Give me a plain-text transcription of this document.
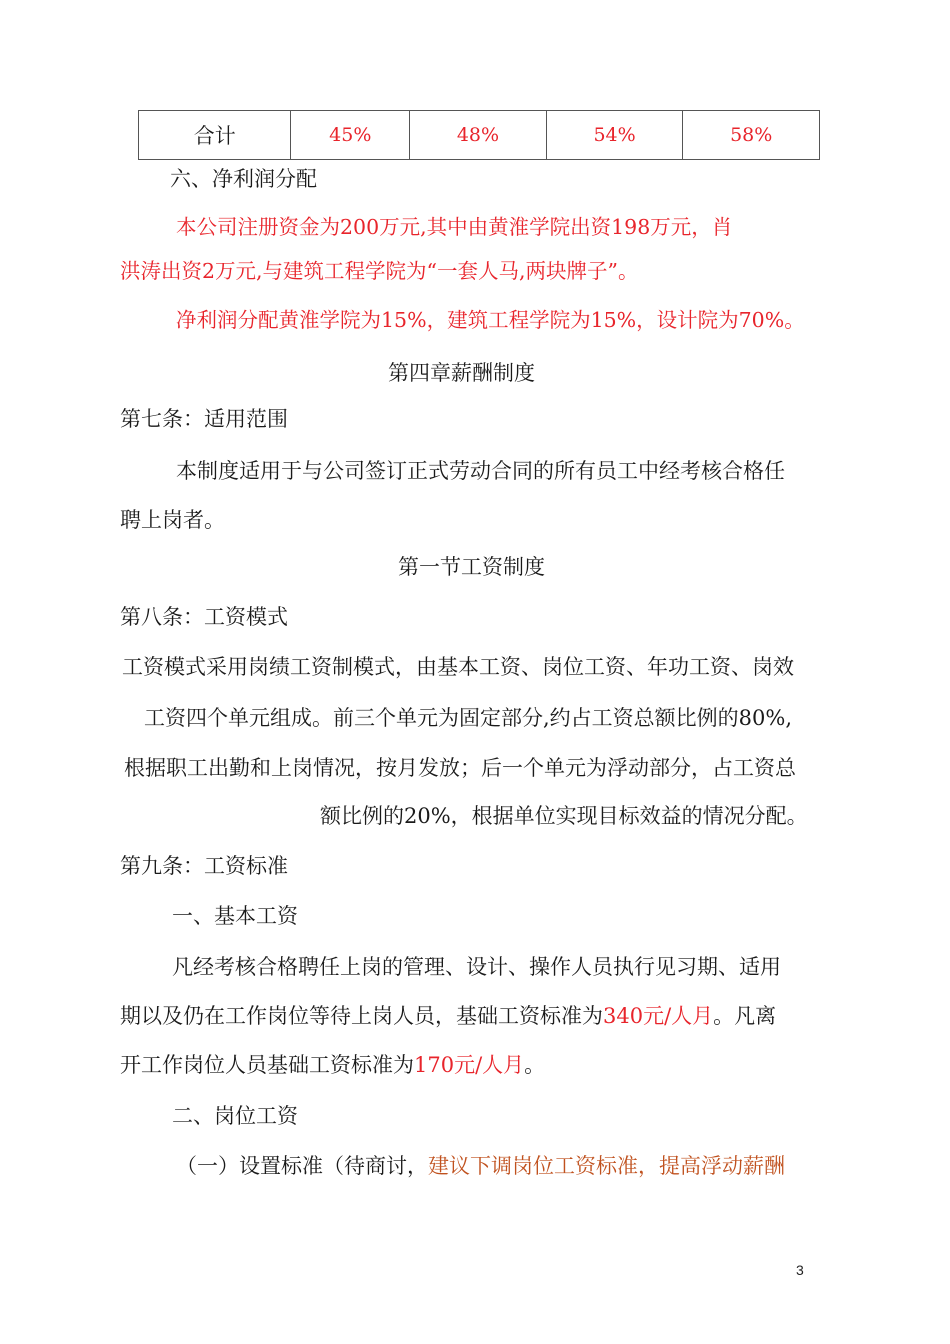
合计	45%	48%	54%	58%
六、净利润分配
本公司注册资金为200万元,其中由黄淮学院出资198万元，肖
洪涛出资2万元,与建筑工程学院为“一套人马,两块牌子”。
净利润分配黄淮学院为15%，建筑工程学院为15%，设计院为70%。
第四章薪酬制度
第七条：适用范围
本制度适用于与公司签订正式劳动合同的所有员工中经考核合格任
聘上岗者。
第一节工资制度
第八条：工资模式
工资模式采用岗绩工资制模式，由基本工资、岗位工资、年功工资、岗效
工资四个单元组成。前三个单元为固定部分,约占工资总额比例的80%,
根据职工出勤和上岗情况，按月发放；后一个单元为浮动部分，占工资总
额比例的20%，根据单位实现目标效益的情况分配。
第九条：工资标准
一、基本工资
凡经考核合格聘任上岗的管理、设计、操作人员执行见习期、适用
期以及仍在工作岗位等待上岗人员，基础工资标准为340元/人月。凡离
开工作岗位人员基础工资标准为170元/人月。
二、岗位工资
（一）设置标准（待商讨，建议下调岗位工资标准，提高浮动薪酬
3
